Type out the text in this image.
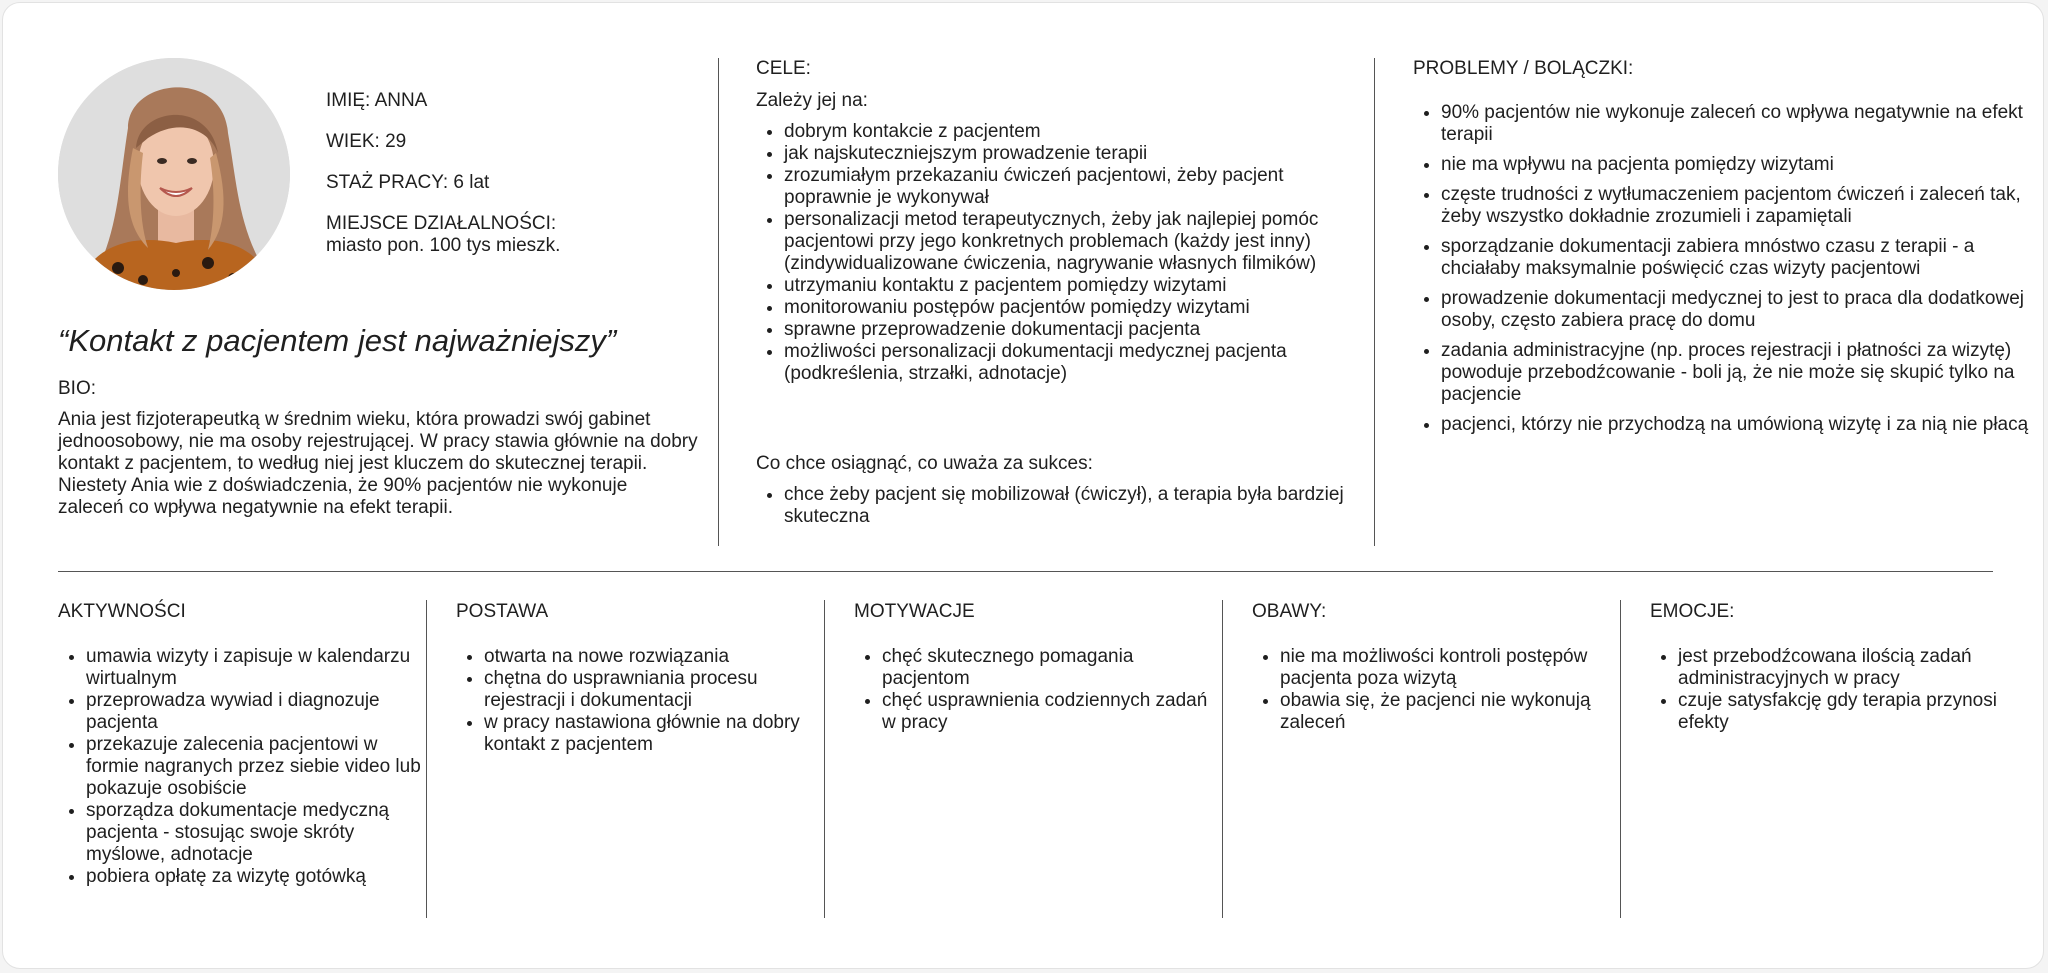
IMIĘ: ANNA
WIEK: 29
STAŻ PRACY: 6 lat
MIEJSCE DZIAŁALNOŚCI:
miasto pon. 100 tys mieszk.
“Kontakt z pacjentem jest najważniejszy”
BIO:
Ania jest fizjoterapeutką w średnim wieku, która prowadzi swój gabinet jednoosobowy, nie ma osoby rejestrującej. W pracy stawia głównie na dobry kontakt z pacjentem, to według niej jest kluczem do skutecznej terapii. Niestety Ania wie z doświadczenia, że 90% pacjentów nie wykonuje zaleceń co wpływa negatywnie na efekt terapii.
CELE:
Zależy jej na:
• dobrym kontakcie z pacjentem
• jak najskuteczniejszym prowadzenie terapii
• zrozumiałym przekazaniu ćwiczeń pacjentowi, żeby pacjent poprawnie je wykonywał
• personalizacji metod terapeutycznych, żeby jak najlepiej pomóc pacjentowi przy jego konkretnych problemach (każdy jest inny) (zindywidualizowane ćwiczenia, nagrywanie własnych filmików)
• utrzymaniu kontaktu z pacjentem pomiędzy wizytami
• monitorowaniu postępów pacjentów pomiędzy wizytami
• sprawne przeprowadzenie dokumentacji pacjenta
• możliwości personalizacji dokumentacji medycznej pacjenta (podkreślenia, strzałki, adnotacje)
Co chce osiągnąć, co uważa za sukces:
• chce żeby pacjent się mobilizował (ćwiczył), a terapia była bardziej skuteczna
PROBLEMY / BOLĄCZKI:
• 90% pacjentów nie wykonuje zaleceń co wpływa negatywnie na efekt terapii
• nie ma wpływu na pacjenta pomiędzy wizytami
• częste trudności z wytłumaczeniem pacjentom ćwiczeń i zaleceń tak, żeby wszystko dokładnie zrozumieli i zapamiętali
• sporządzanie dokumentacji zabiera mnóstwo czasu z terapii - a chciałaby maksymalnie poświęcić czas wizyty pacjentowi
• prowadzenie dokumentacji medycznej to jest to praca dla dodatkowej osoby, często zabiera pracę do domu
• zadania administracyjne (np. proces rejestracji i płatności za wizytę) powoduje przebodźcowanie - boli ją, że nie może się skupić tylko na pacjencie
• pacjenci, którzy nie przychodzą na umówioną wizytę i za nią nie płacą
AKTYWNOŚCI
• umawia wizyty i zapisuje w kalendarzu wirtualnym
• przeprowadza wywiad i diagnozuje pacjenta
• przekazuje zalecenia pacjentowi w formie nagranych przez siebie video lub pokazuje osobiście
• sporządza dokumentacje medyczną pacjenta - stosując swoje skróty myślowe, adnotacje
• pobiera opłatę za wizytę gotówką
POSTAWA
• otwarta na nowe rozwiązania
• chętna do usprawniania procesu rejestracji i dokumentacji
• w pracy nastawiona głównie na dobry kontakt z pacjentem
MOTYWACJE
• chęć skutecznego pomagania pacjentom
• chęć usprawnienia codziennych zadań w pracy
OBAWY:
• nie ma możliwości kontroli postępów pacjenta poza wizytą
• obawia się, że pacjenci nie wykonują zaleceń
EMOCJE:
• jest przebodźcowana ilością zadań administracyjnych w pracy
• czuje satysfakcję gdy terapia przynosi efekty
